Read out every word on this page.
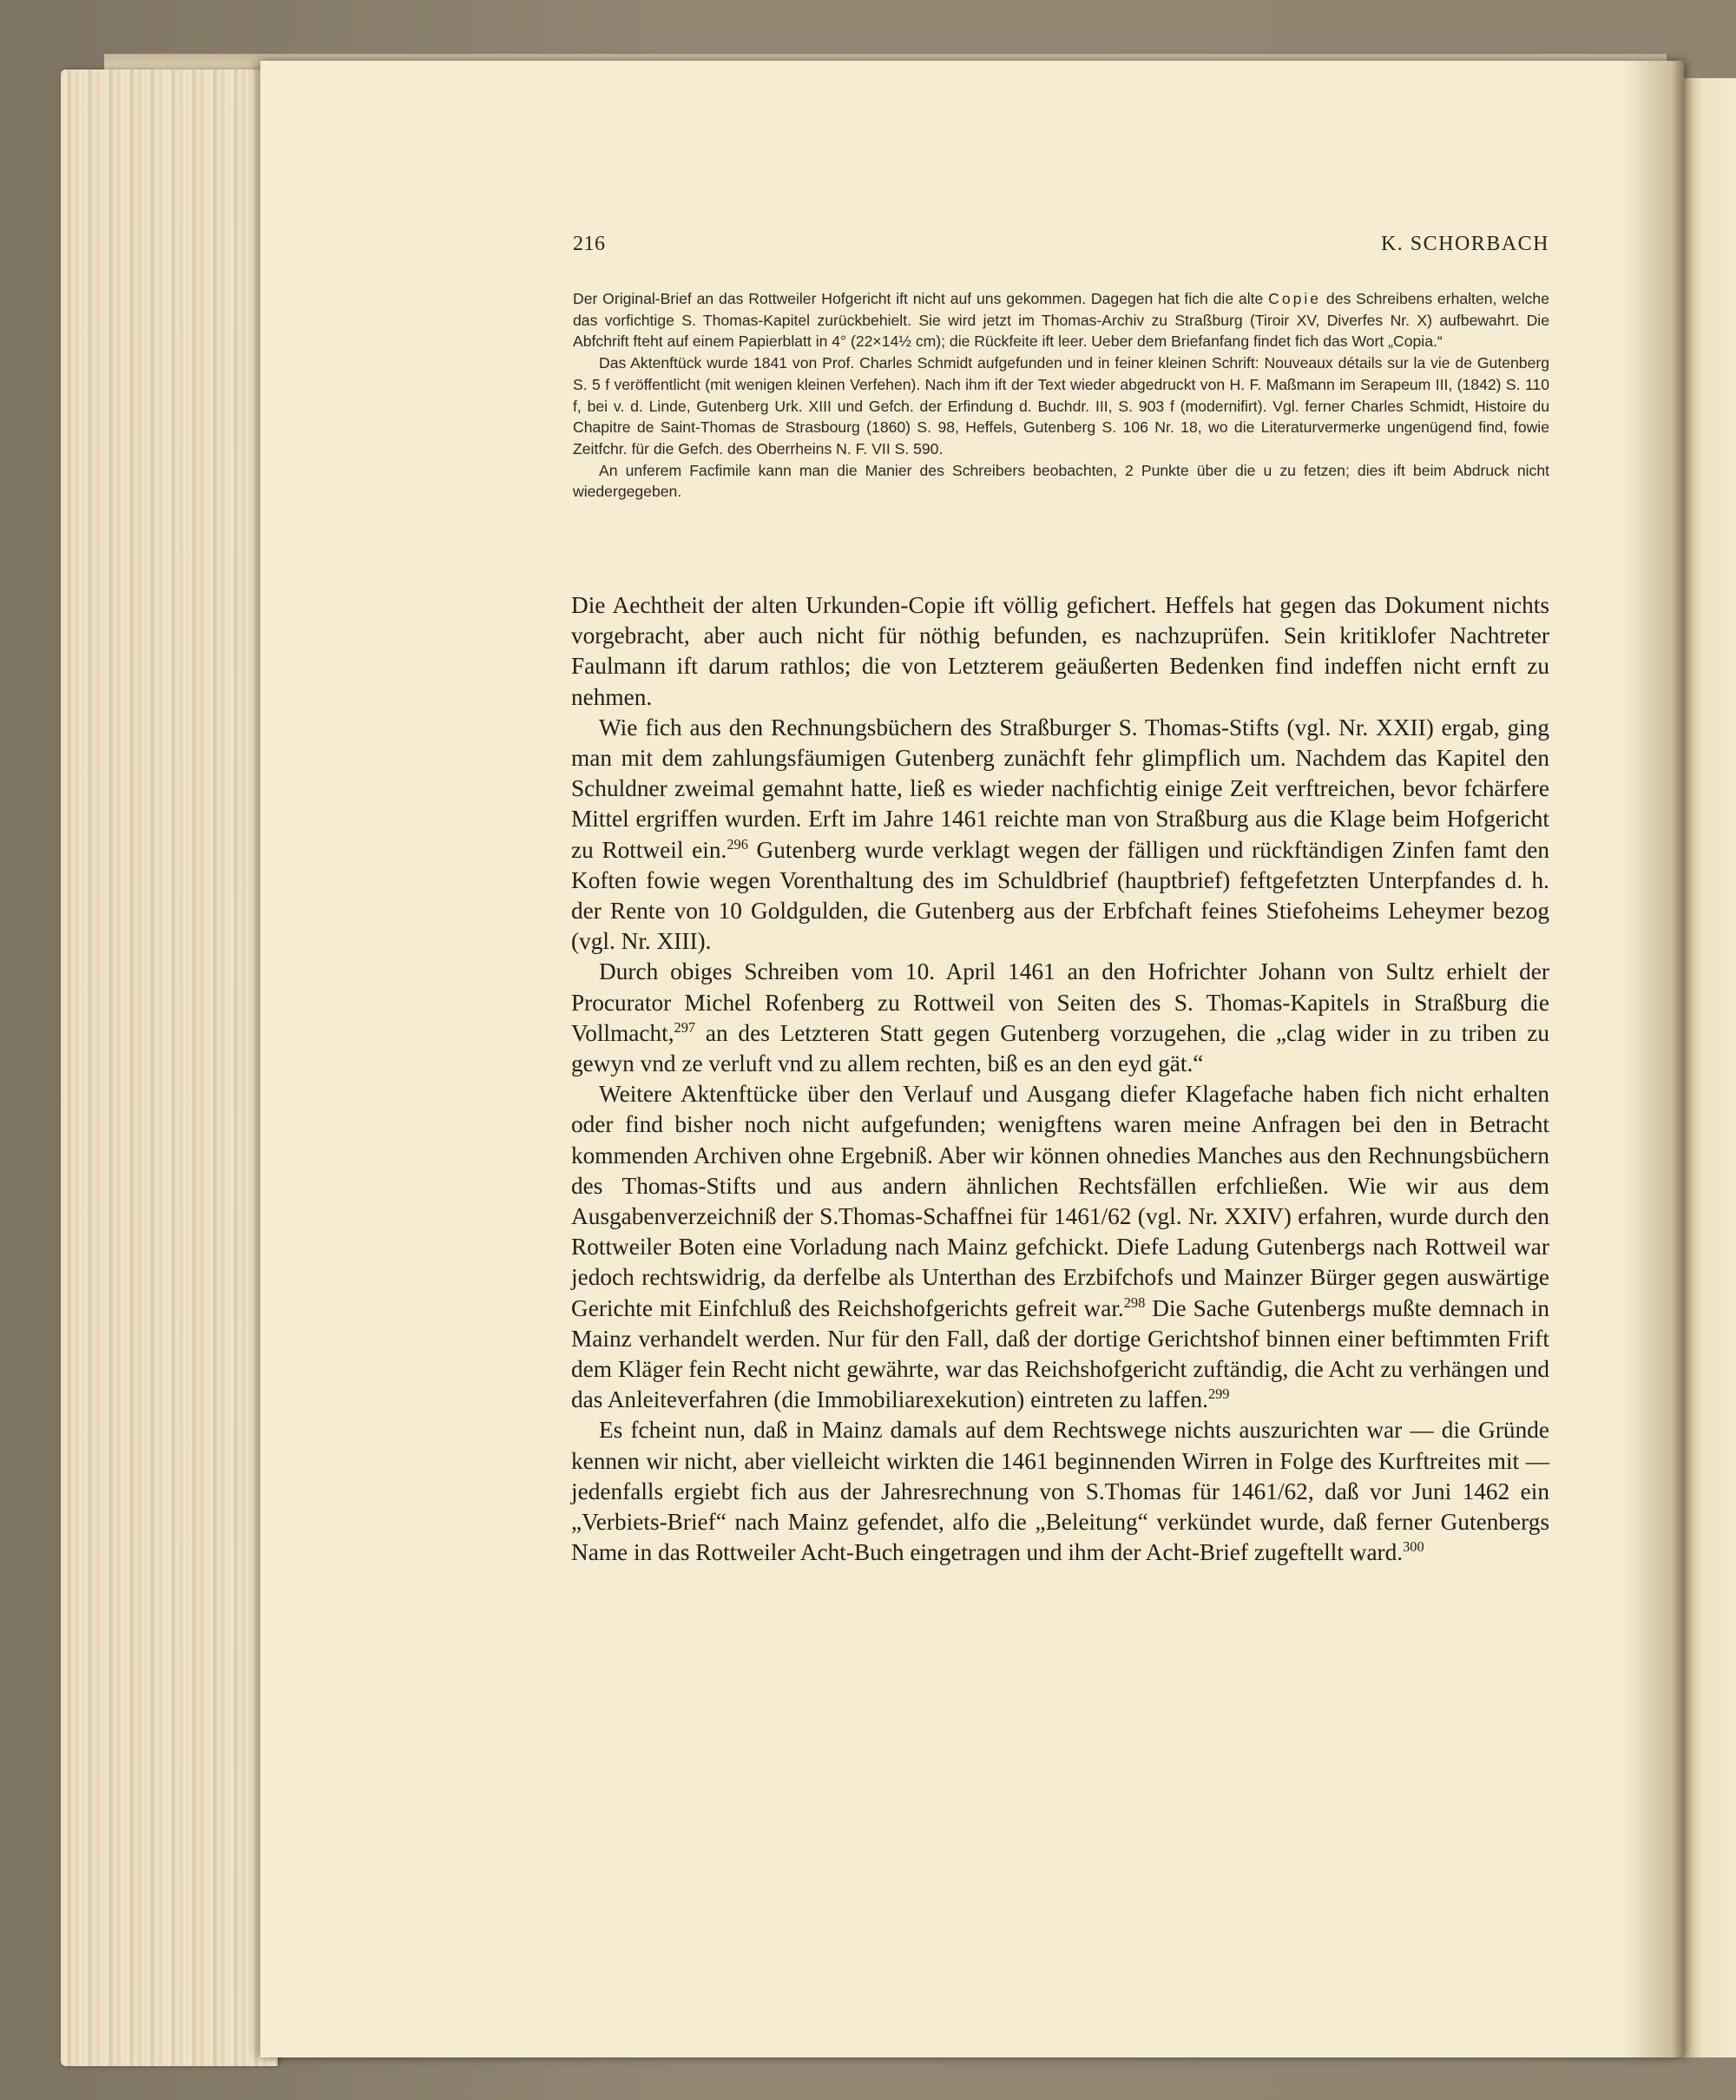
216	K. SCHORBACH

Der Original-Brief an das Rottweiler Hofgericht ift nicht auf uns gekommen. Dagegen hat fich die alte Copie des Schreibens erhalten, welche das vorfichtige S. Thomas-Kapitel zurückbehielt. Sie wird jetzt im Thomas-Archiv zu Straßburg (Tiroir XV, Diverfes Nr. X) aufbewahrt. Die Abfchrift fteht auf einem Papierblatt in 4° (22×14½ cm); die Rückfeite ift leer. Ueber dem Briefanfang findet fich das Wort „Copia.“

Das Aktenftück wurde 1841 von Prof. Charles Schmidt aufgefunden und in feiner kleinen Schrift: Nouveaux détails sur la vie de Gutenberg S. 5 f veröffentlicht (mit wenigen kleinen Verfehen). Nach ihm ift der Text wieder abgedruckt von H. F. Maßmann im Serapeum III, (1842) S. 110 f, bei v. d. Linde, Gutenberg Urk. XIII und Gefch. der Erfindung d. Buchdr. III, S. 903 f (modernifirt). Vgl. ferner Charles Schmidt, Histoire du Chapitre de Saint-Thomas de Strasbourg (1860) S. 98, Heffels, Gutenberg S. 106 Nr. 18, wo die Literaturvermerke ungenügend find, fowie Zeitfchr. für die Gefch. des Oberrheins N. F. VII S. 590.

An unferem Facfimile kann man die Manier des Schreibers beobachten, 2 Punkte über die u zu fetzen; dies ift beim Abdruck nicht wiedergegeben.

Die Aechtheit der alten Urkunden-Copie ift völlig gefichert. Heffels hat gegen das Dokument nichts vorgebracht, aber auch nicht für nöthig befunden, es nachzuprüfen. Sein kritiklofer Nachtreter Faulmann ift darum rathlos; die von Letzterem geäußerten Bedenken find indeffen nicht ernft zu nehmen.

Wie fich aus den Rechnungsbüchern des Straßburger S. Thomas-Stifts (vgl. Nr. XXII) ergab, ging man mit dem zahlungsfäumigen Gutenberg zunächft fehr glimpflich um. Nachdem das Kapitel den Schuldner zweimal gemahnt hatte, ließ es wieder nachfichtig einige Zeit verftreichen, bevor fchärfere Mittel ergriffen wurden. Erft im Jahre 1461 reichte man von Straßburg aus die Klage beim Hofgericht zu Rottweil ein.$^{296}$ Gutenberg wurde verklagt wegen der fälligen und rückftändigen Zinfen famt den Koften fowie wegen Vorenthaltung des im Schuldbrief (hauptbrief) feftgefetzten Unterpfandes d. h. der Rente von 10 Goldgulden, die Gutenberg aus der Erbfchaft feines Stiefoheims Leheymer bezog (vgl. Nr. XIII).

Durch obiges Schreiben vom 10. April 1461 an den Hofrichter Johann von Sultz erhielt der Procurator Michel Rofenberg zu Rottweil von Seiten des S. Thomas-Kapitels in Straßburg die Vollmacht,$^{297}$ an des Letzteren Statt gegen Gutenberg vorzugehen, die „clag wider in zu triben zu gewyn vnd ze verluft vnd zu allem rechten, biß es an den eyd gät.“

Weitere Aktenftücke über den Verlauf und Ausgang diefer Klagefache haben fich nicht erhalten oder find bisher noch nicht aufgefunden; wenigftens waren meine Anfragen bei den in Betracht kommenden Archiven ohne Ergebniß. Aber wir können ohnedies Manches aus den Rechnungsbüchern des Thomas-Stifts und aus andern ähnlichen Rechtsfällen erfchließen. Wie wir aus dem Ausgabenverzeichniß der S.Thomas-Schaffnei für 1461/62 (vgl. Nr. XXIV) erfahren, wurde durch den Rottweiler Boten eine Vorladung nach Mainz gefchickt. Diefe Ladung Gutenbergs nach Rottweil war jedoch rechtswidrig, da derfelbe als Unterthan des Erzbifchofs und Mainzer Bürger gegen auswärtige Gerichte mit Einfchluß des Reichshofgerichts gefreit war.$^{298}$ Die Sache Gutenbergs mußte demnach in Mainz verhandelt werden. Nur für den Fall, daß der dortige Gerichtshof binnen einer beftimmten Frift dem Kläger fein Recht nicht gewährte, war das Reichshofgericht zuftändig, die Acht zu verhängen und das Anleiteverfahren (die Immobiliarexekution) eintreten zu laffen.$^{299}$

Es fcheint nun, daß in Mainz damals auf dem Rechtswege nichts auszurichten war — die Gründe kennen wir nicht, aber vielleicht wirkten die 1461 beginnenden Wirren in Folge des Kurftreites mit — jedenfalls ergiebt fich aus der Jahresrechnung von S.Thomas für 1461/62, daß vor Juni 1462 ein „Verbiets-Brief“ nach Mainz gefendet, alfo die „Beleitung“ verkündet wurde, daß ferner Gutenbergs Name in das Rottweiler Acht-Buch eingetragen und ihm der Acht-Brief zugeftellt ward.$^{300}$
